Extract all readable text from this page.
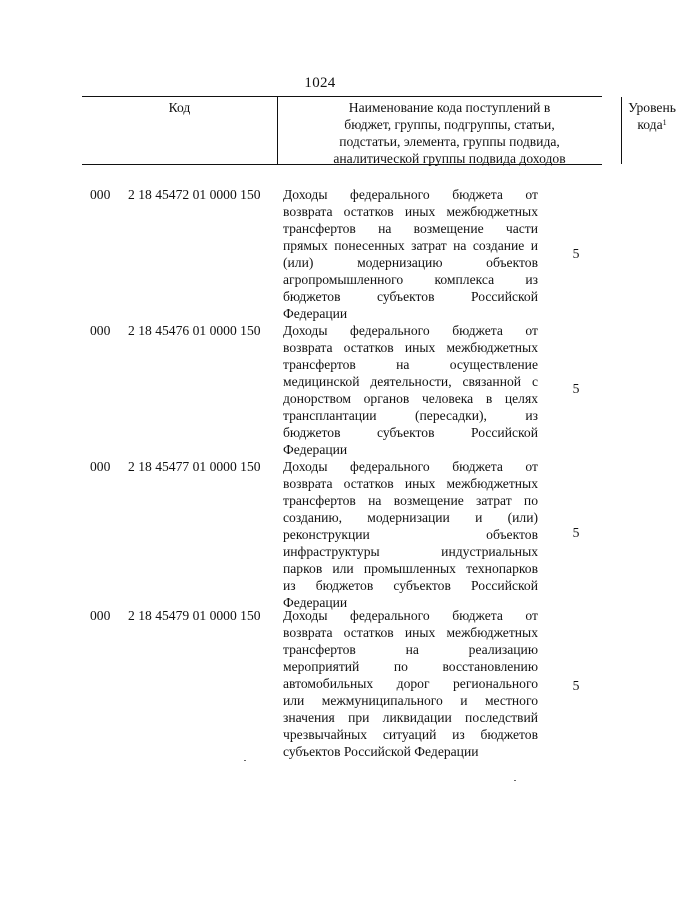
1024
Код	Наименование кода поступлений в
бюджет, группы, подгруппы, статьи,
подстатьи, элемента, группы подвида,
аналитической группы подвида доходов
Уровень
кода$^1$
000 2 18 45472 01 0000 150 Доходы федерального бюджета от
возврата остатков иных межбюджетных
трансфертов на возмещение части
прямых понесенных затрат на создание и
(или) модернизацию объектов
агропромышленного комплекса из
бюджетов субъектов Российской
Федерации
5
000 2 18 45476 01 0000 150 Доходы федерального бюджета от
возврата остатков иных межбюджетных
трансфертов на осуществление
медицинской деятельности, связанной с
донорством органов человека в целях
трансплантации (пересадки), из
бюджетов субъектов Российской
Федерации
5
000 2 18 45477 01 0000 150 Доходы федерального бюджета от
возврата остатков иных межбюджетных
трансфертов на возмещение затрат по
созданию, модернизации и (или)
реконструкции объектов
инфраструктуры индустриальных
парков или промышленных технопарков
из бюджетов субъектов Российской
Федерации
5
000 2 18 45479 01 0000 150 Доходы федерального бюджета от
возврата остатков иных межбюджетных
трансфертов на реализацию
мероприятий по восстановлению
автомобильных дорог регионального
или межмуниципального и местного
значения при ликвидации последствий
чрезвычайных ситуаций из бюджетов
субъектов Российской Федерации
5
